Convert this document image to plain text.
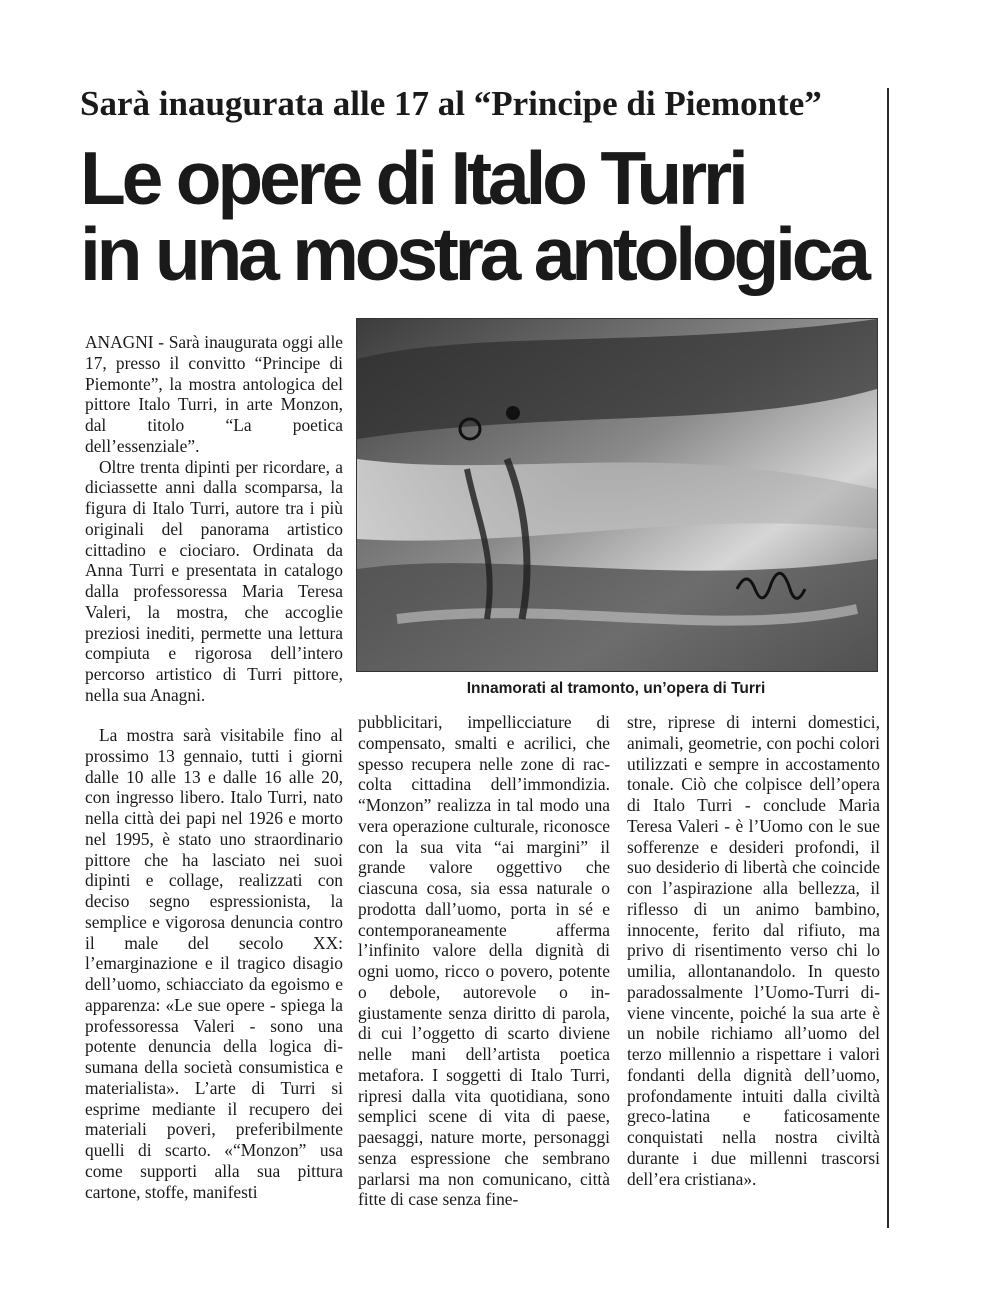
Sarà inaugurata alle 17 al “Principe di Piemonte”
Le opere di Italo Turri
in una mostra antologica

ANAGNI - Sarà inaugurata oggi alle 17, presso il convitto “Principe di Piemonte”, la mostra antologica del pittore Italo Turri, in arte Monzon, dal titolo “La poetica dell’essenziale”.

Oltre trenta dipinti per ricordare, a diciassette anni dalla scomparsa, la figura di Italo Turri, autore tra i più originali del panorama artistico cittadino e ciociaro. Ordinata da Anna Turri e presentata in catalogo dalla professoressa Maria Teresa Valeri, la mostra, che accoglie preziosi inediti, permette una lettura compiuta e rigorosa dell’intero percorso artistico di Turri pittore, nella sua Anagni.	Innamorati al tramonto, un’opera di Turri

La mostra sarà visitabile fino al prossimo 13 gennaio, tutti i giorni dalle 10 alle 13 e dalle 16 alle 20, con ingresso libero. Italo Turri, nato nella città dei papi nel 1926 e morto nel 1995, è stato uno straordinario pittore che ha lasciato nei suoi dipinti e collage, realizzati con deciso segno espressionista, la semplice e vigorosa denuncia contro il male del secolo XX: l’emarginazione e il tragico disagio dell’uomo, schiacciato da egoismo e apparenza: «Le sue opere - spiega la professoressa Valeri - sono una potente denuncia della logica disumana della società consumistica e materialista». L’arte di Turri si esprime mediante il recupero dei materiali poveri, preferibilmente quelli di scarto. «“Monzon” usa come supporti alla sua pittura cartone, stoffe, manifesti

pubblicitari, impellicciature di compensato, smalti e acrilici, che spesso recupera nelle zone di raccolta cittadina dell’immondizia. “Monzon” realizza in tal modo una vera operazione culturale, riconosce con la sua vita “ai margini” il grande valore oggettivo che ciascuna cosa, sia essa naturale o prodotta dall’uomo, porta in sé e contemporaneamente afferma l’infinito valore della dignità di ogni uomo, ricco o povero, potente o debole, autorevole o ingiustamente senza diritto di parola, di cui l’oggetto di scarto diviene nelle mani dell’artista poetica metafora. I soggetti di Italo Turri, ripresi dalla vita quotidiana, sono semplici scene di vita di paese, paesaggi, nature morte, personaggi senza espressione che sembrano parlarsi ma non comunicano, città fitte di case senza fine-

stre, riprese di interni domestici, animali, geometrie, con pochi colori utilizzati e sempre in accostamento tonale. Ciò che colpisce dell’opera di Italo Turri - conclude Maria Teresa Valeri - è l’Uomo con le sue sofferenze e desideri profondi, il suo desiderio di libertà che coincide con l’aspirazione alla bellezza, il riflesso di un animo bambino, innocente, ferito dal rifiuto, ma privo di risentimento verso chi lo umilia, allontanandolo. In questo paradossalmente l’Uomo-Turri diviene vincente, poiché la sua arte è un nobile richiamo all’uomo del terzo millennio a rispettare i valori fondanti della dignità dell’uomo, profondamente intuiti dalla civiltà greco-latina e faticosamente conquistati nella nostra civiltà durante i due millenni trascorsi dell’era cristiana».
